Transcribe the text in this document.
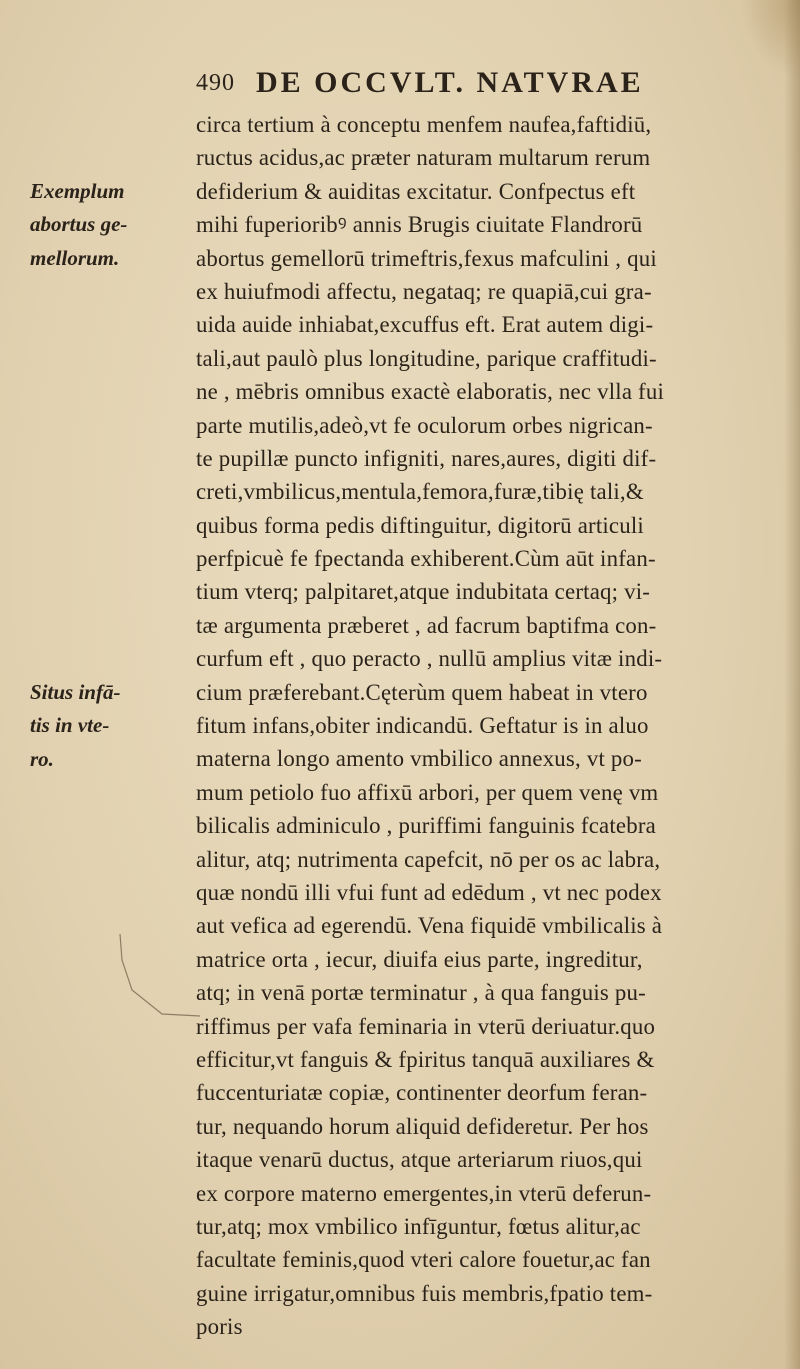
490 DE OCCVLT. NATVRAE
Exemplum
abortus ge-
mellorum.
Situs infā-
tis in vte-
ro.
circa tertium à conceptu menfem naufea,faftidiū,
ructus acidus,ac præter naturam multarum rerum
defiderium & auiditas excitatur. Confpectus eft
mihi fuperioribꝰ annis Brugis ciuitate Flandrorū
abortus gemellorū trimeftris,fexus mafculini , qui
ex huiufmodi affectu, negataq; re quapiā,cui gra-
uida auide inhiabat,excuffus eft. Erat autem digi-
tali,aut paulò plus longitudine, parique craffitudi-
ne , mēbris omnibus exactè elaboratis, nec vlla fui
parte mutilis,adeò,vt fe oculorum orbes nigrican-
te pupillæ puncto infigniti, nares,aures, digiti dif-
creti,vmbilicus,mentula,femora,furæ,tibię tali,&
quibus forma pedis diftinguitur, digitorū articuli
perfpicuè fe fpectanda exhiberent.Cùm aūt infan-
tium vterq; palpitaret,atque indubitata certaq; vi-
tæ argumenta præberet , ad facrum baptifma con-
curfum eft , quo peracto , nullū amplius vitæ indi-
cium præferebant.Cęterùm quem habeat in vtero
fitum infans,obiter indicandū. Geftatur is in aluo
materna longo amento vmbilico annexus, vt po-
mum petiolo fuo affixū arbori, per quem venę vm
bilicalis adminiculo , puriffimi fanguinis fcatebra
alitur, atq; nutrimenta capefcit, nō per os ac labra,
quæ nondū illi vfui funt ad edēdum , vt nec podex
aut vefica ad egerendū. Vena fiquidē vmbilicalis à
matrice orta , iecur, diuifa eius parte, ingreditur,
atq; in venā portæ terminatur , à qua fanguis pu-
riffimus per vafa feminaria in vterū deriuatur.quo
efficitur,vt fanguis & fpiritus tanquā auxiliares &
fuccenturiatæ copiæ, continenter deorfum feran-
tur, nequando horum aliquid defideretur. Per hos
itaque venarū ductus, atque arteriarum riuos,qui
ex corpore materno emergentes,in vterū deferun-
tur,atq; mox vmbilico infīguntur, fœtus alitur,ac
facultate feminis,quod vteri calore fouetur,ac fan
guine irrigatur,omnibus fuis membris,fpatio tem-
poris
